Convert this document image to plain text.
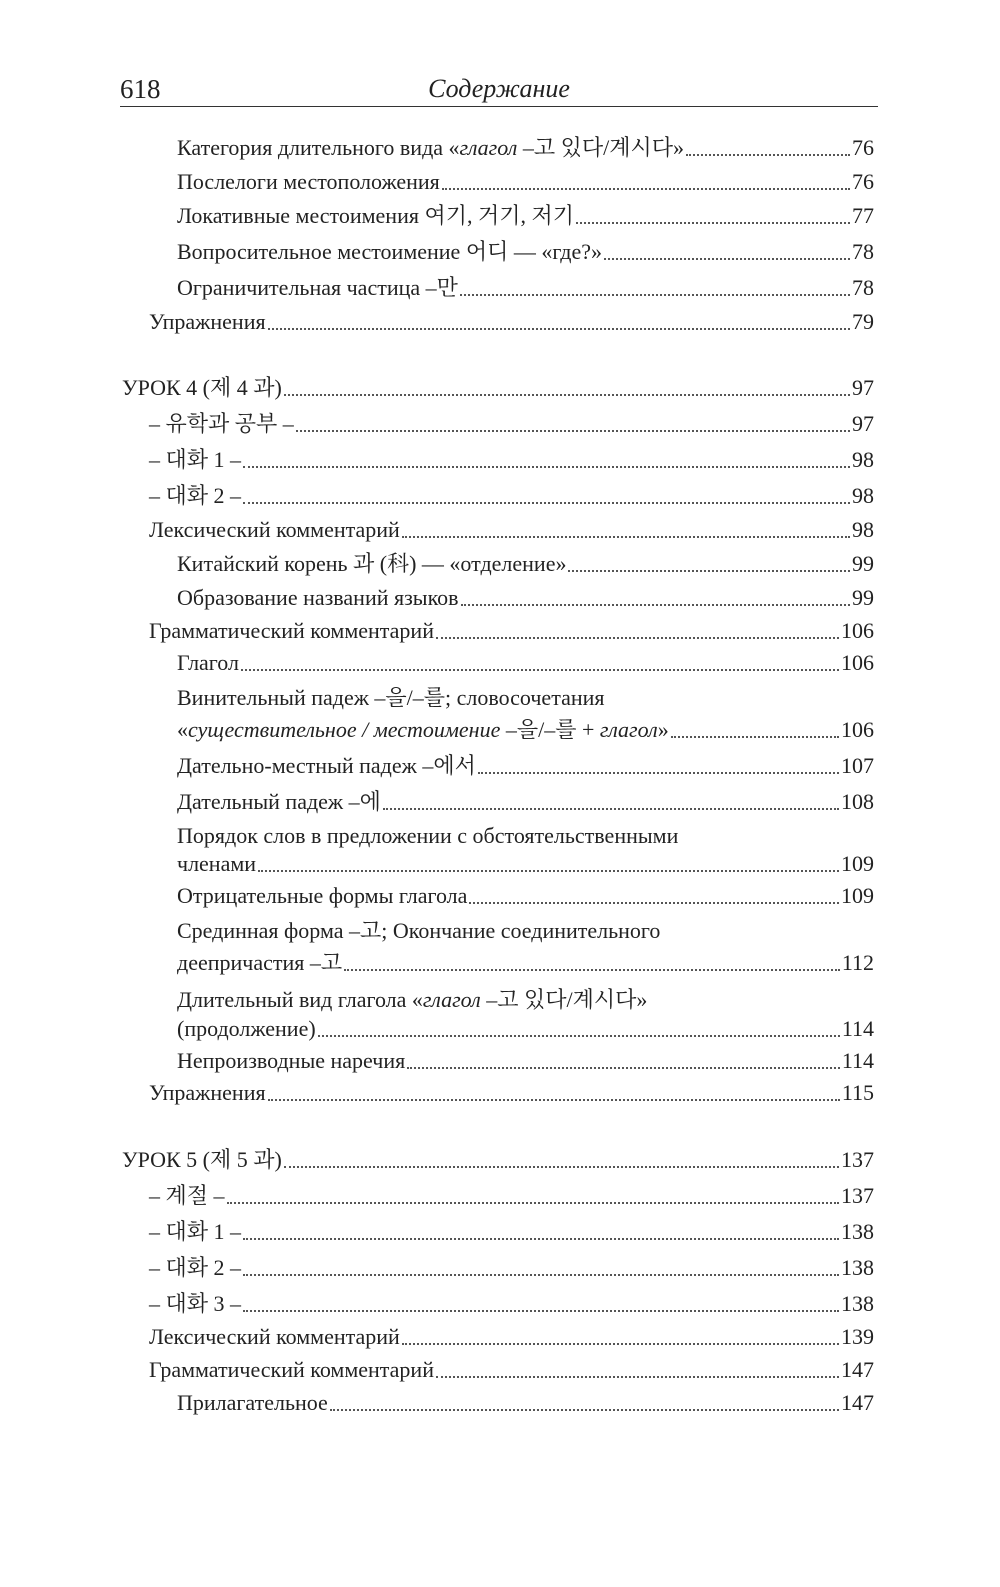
618	Содержание
Категория длительного вида «глагол –고 있다/계시다»	76
Послелоги местоположения	76
Локативные местоимения 여기, 거기, 저기	77
Вопросительное местоимение 어디 — «где?»	78
Ограничительная частица –만	78
Упражнения	79
УРОК 4 (제 4 과)	97
– 유학과 공부 –	97
– 대화 1 –	98
– 대화 2 –	98
Лексический комментарий	98
Китайский корень 과 (科) — «отделение»	99
Образование названий языков	99
Грамматический комментарий	106
Глагол	106
Винительный падеж –을/–를; словосочетания
«существительное / местоимение –을/–를 + глагол»	106
Дательно-местный падеж –에서	107
Дательный падеж –에	108
Порядок слов в предложении с обстоятельственными
членами	109
Отрицательные формы глагола	109
Срединная форма –고; Окончание соединительного
деепричастия –고	112
Длительный вид глагола «глагол –고 있다/계시다»
(продолжение)	114
Непроизводные наречия	114
Упражнения	115
УРОК 5 (제 5 과)	137
– 계절 –	137
– 대화 1 –	138
– 대화 2 –	138
– 대화 3 –	138
Лексический комментарий	139
Грамматический комментарий	147
Прилагательное	147
